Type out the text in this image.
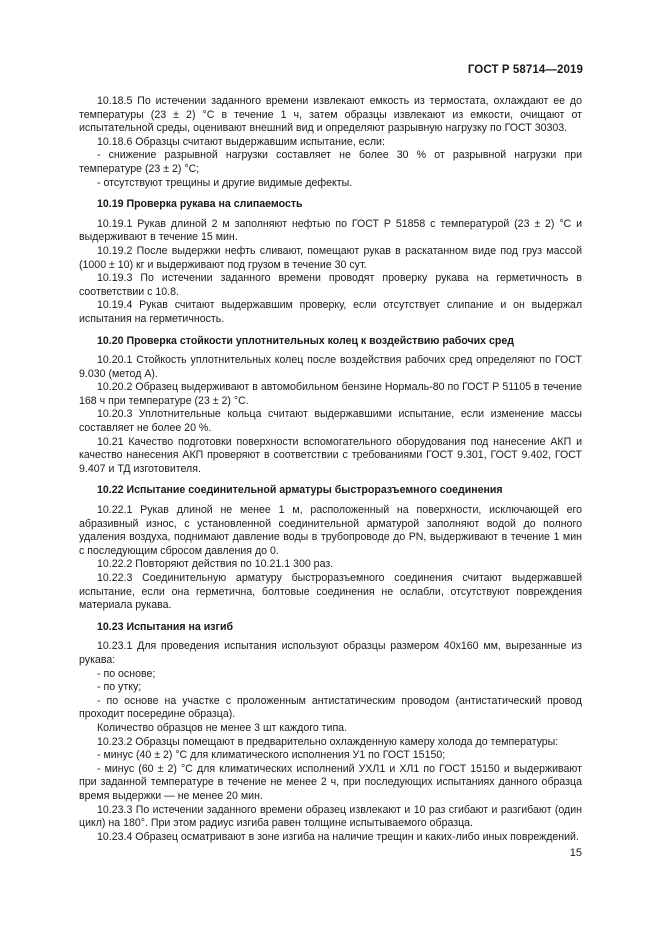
ГОСТ Р 58714—2019

10.18.5 По истечении заданного времени извлекают емкость из термостата, охлаждают ее до температуры (23 ± 2) °С в течение 1 ч, затем образцы извлекают из емкости, очищают от испытательной среды, оценивают внешний вид и определяют разрывную нагрузку по ГОСТ 30303.

10.18.6 Образцы считают выдержавшим испытание, если:

- снижение разрывной нагрузки составляет не более 30 % от разрывной нагрузки при температуре (23 ± 2) °С;

- отсутствуют трещины и другие видимые дефекты.

10.19 Проверка рукава на слипаемость

10.19.1 Рукав длиной 2 м заполняют нефтью по ГОСТ Р 51858 с температурой (23 ± 2) °С и выдерживают в течение 15 мин.

10.19.2 После выдержки нефть сливают, помещают рукав в раскатанном виде под груз массой (1000 ± 10) кг и выдерживают под грузом в течение 30 сут.

10.19.3 По истечении заданного времени проводят проверку рукава на герметичность в соответствии с 10.8.

10.19.4 Рукав считают выдержавшим проверку, если отсутствует слипание и он выдержал испытания на герметичность.

10.20 Проверка стойкости уплотнительных колец к воздействию рабочих сред

10.20.1 Стойкость уплотнительных колец после воздействия рабочих сред определяют по ГОСТ 9.030 (метод А).

10.20.2 Образец выдерживают в автомобильном бензине Нормаль-80 по ГОСТ Р 51105 в течение 168 ч при температуре (23 ± 2) °С.

10.20.3 Уплотнительные кольца считают выдержавшими испытание, если изменение массы составляет не более 20 %.

10.21 Качество подготовки поверхности вспомогательного оборудования под нанесение АКП и качество нанесения АКП проверяют в соответствии с требованиями ГОСТ 9.301, ГОСТ 9.402, ГОСТ 9.407 и ТД изготовителя.

10.22 Испытание соединительной арматуры быстроразъемного соединения

10.22.1 Рукав длиной не менее 1 м, расположенный на поверхности, исключающей его абразивный износ, с установленной соединительной арматурой заполняют водой до полного удаления воздуха, поднимают давление воды в трубопроводе до PN, выдерживают в течение 1 мин с последующим сбросом давления до 0.

10.22.2 Повторяют действия по 10.21.1 300 раз.

10.22.3 Соединительную арматуру быстроразъемного соединения считают выдержавшей испытание, если она герметична, болтовые соединения не ослабли, отсутствуют повреждения материала рукава.

10.23 Испытания на изгиб

10.23.1 Для проведения испытания используют образцы размером 40х160 мм, вырезанные из рукава:

- по основе;

- по утку;

- по основе на участке с проложенным антистатическим проводом (антистатический провод проходит посередине образца).

Количество образцов не менее 3 шт каждого типа.

10.23.2 Образцы помещают в предварительно охлажденную камеру холода до температуры:

- минус (40 ± 2) °С для климатического исполнения У1 по ГОСТ 15150;

- минус (60 ± 2) °С для климатических исполнений УХЛ1 и ХЛ1 по ГОСТ 15150 и выдерживают при заданной температуре в течение не менее 2 ч, при последующих испытаниях данного образца время выдержки — не менее 20 мин.

10.23.3 По истечении заданного времени образец извлекают и 10 раз сгибают и разгибают (один цикл) на 180°. При этом радиус изгиба равен толщине испытываемого образца.

10.23.4 Образец осматривают в зоне изгиба на наличие трещин и каких-либо иных повреждений.

15
